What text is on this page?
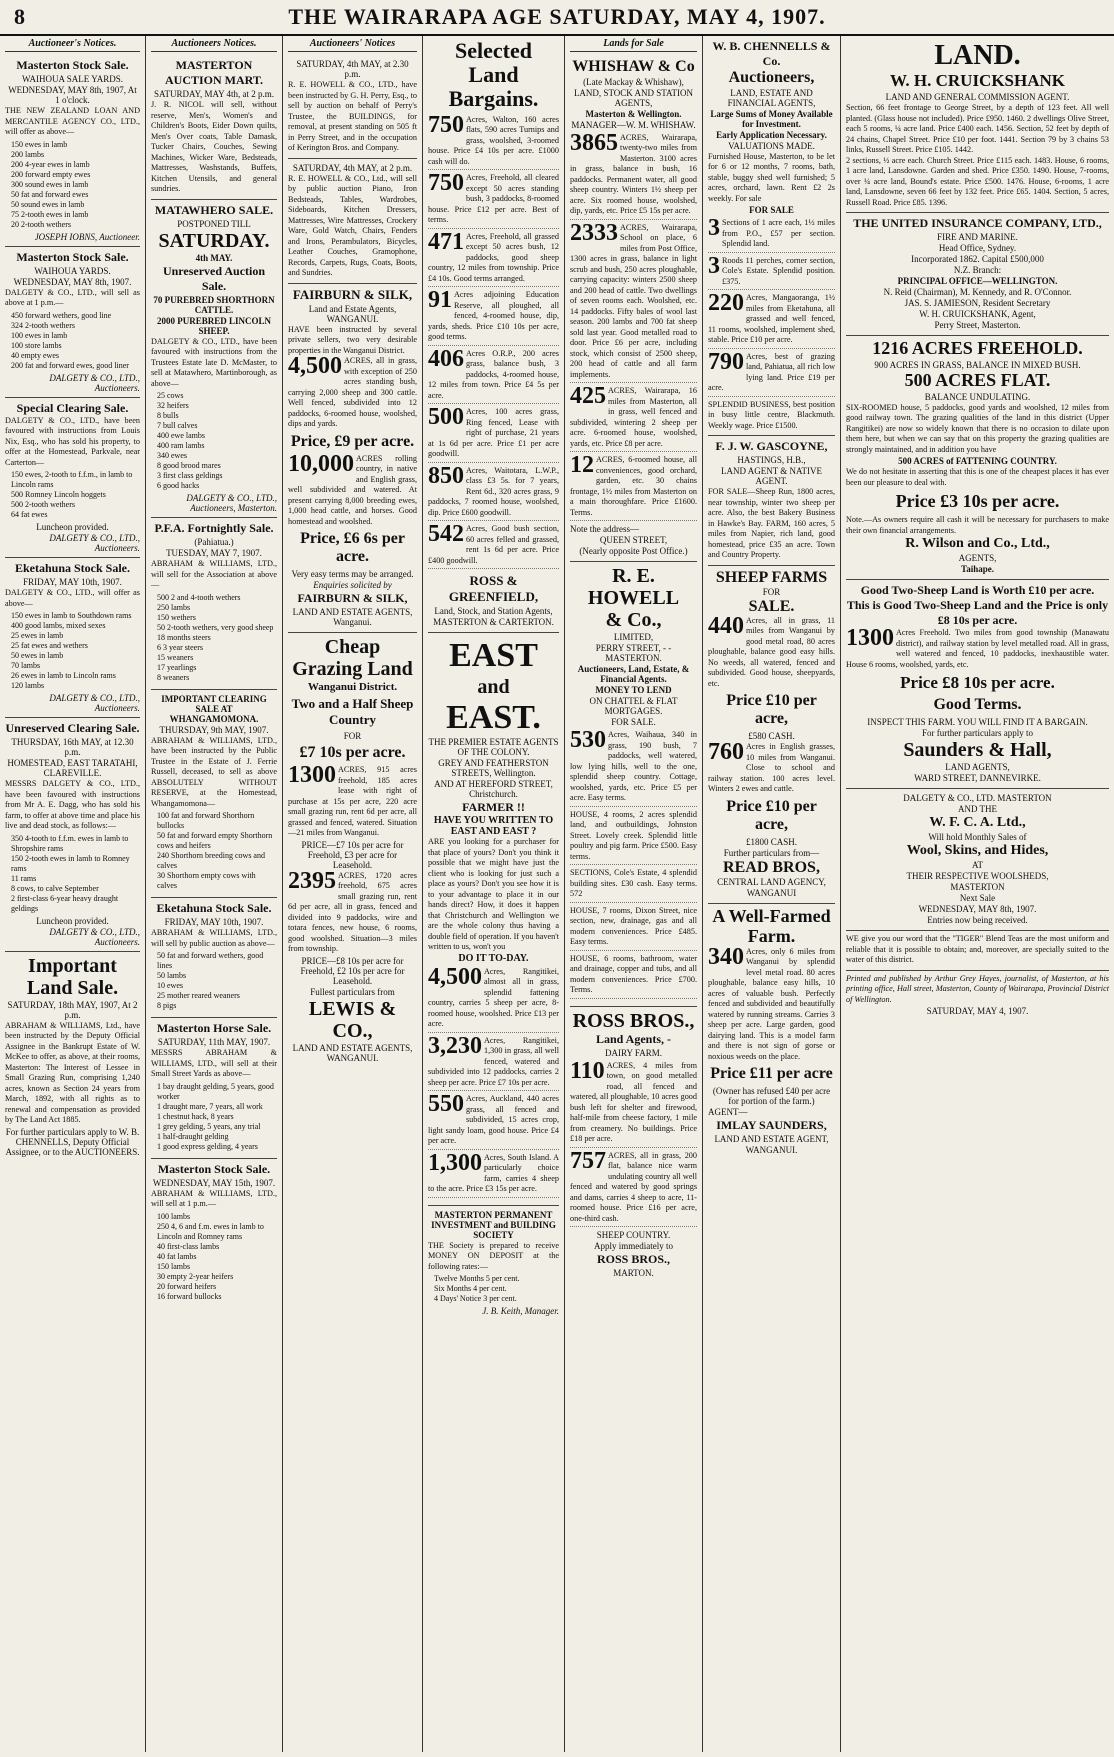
8	THE WAIRARAPA AGE SATURDAY, MAY 4, 1907.
Auctioneer's Notices.
Masterton Stock Sale.
WAIHOUA SALE YARDS.
WEDNESDAY, MAY 8th, 1907, At 1 o'clock.
THE NEW ZEALAND LOAN AND MERCANTILE AGENCY CO., LTD., will offer as above—
150 ewes in lamb
200 lambs
200 4-year ewes in lamb
200 forward empty ewes
300 sound ewes in lamb
50 fat and forward ewes
50 sound ewes in lamb
75 2-tooth ewes in lamb
20 2-tooth wethers
JOSEPH IOBNS, Auctioneer.
Masterton Stock Sale.
WAIHOUA YARDS.
WEDNESDAY, MAY 8th, 1907.
DALGETY & CO., LTD., will sell as above at 1 p.m.—
450 forward wethers, good line
324 2-tooth wethers
100 ewes in lamb
100 store lambs
40 empty ewes
200 fat and forward ewes, good liner
DALGETY & CO., LTD., Auctioneers.
Special Clearing Sale.
DALGETY & CO., LTD., have been favoured with instructions from Louis Nix, Esq., who has sold his property, to offer at the Homestead, Parkvale, near Carterton—
150 ewes, 2-tooth to f.f.m., in lamb to Lincoln rams
500 Romney Lincoln hoggets
500 2-tooth wethers
64 fat ewes
Luncheon provided.
DALGETY & CO., LTD., Auctioneers.
Eketahuna Stock Sale.
FRIDAY, MAY 10th, 1907.
DALGETY & CO., LTD., will offer as above—
150 ewes in lamb to Southdown rams
400 good lambs, mixed sexes
25 ewes in lamb
25 fat ewes and wethers
50 ewes in lamb
70 lambs
26 ewes in lamb to Lincoln rams
120 lambs
DALGETY & CO., LTD., Auctioneers.
Unreserved Clearing Sale.
THURSDAY, 16th MAY, at 12.30 p.m.
HOMESTEAD, EAST TARATAHI, CLAREVILLE.
MESSRS DALGETY & CO., LTD., have been favoured with instructions from Mr A. E. Dagg, who has sold his farm, to offer at above time and place his live and dead stock, as follows:—
350 4-tooth to f.f.m. ewes in lamb to Shropshire rams
150 2-tooth ewes in lamb to Romney rams
11 rams
8 cows, to calve September
2 first-class 6-year heavy draught geldings
Luncheon provided.
DALGETY & CO., LTD., Auctioneers.
Important Land Sale.
SATURDAY, 18th MAY, 1907, At 2 p.m.
ABRAHAM & WILLIAMS, Ltd., have been instructed by the Deputy Official Assignee in the Bankrupt Estate of W. McKee to offer, as above, at their rooms, Masterton: The Interest of Lessee in Small Grazing Run, comprising 1,240 acres, known as Section 24 years from March, 1892, with all rights as to renewal and compensation as provided by The Land Act 1885.
For further particulars apply to W. B. CHENNELLS, Deputy Official Assignee, or to the AUCTIONEERS.
Auctioneers Notices.
MASTERTON AUCTION MART.
SATURDAY, MAY 4th, at 2 p.m.
J. R. NICOL will sell, without reserve, Men's, Women's and Children's Boots, Eider Down quilts, Men's Over coats, Table Damask, Tucker Chairs, Couches, Sewing Machines, Wicker Ware, Bedsteads, Mattresses, Washstands, Buffets, Kitchen Utensils, and general sundries.
MATAWHERO SALE.
POSTPONED TILL
SATURDAY.
4th MAY.
Unreserved Auction Sale.
70 PUREBRED SHORTHORN CATTLE.
2000 PUREBRED LINCOLN SHEEP.
DALGETY & CO., LTD., have been favoured with instructions from the Trustees Estate late D. McMaster, to sell at Matawhero, Martinborough, as above—
25 cows
32 heifers
8 bulls
7 bull calves
400 ewe lambs
400 ram lambs
340 ewes
8 good brood mares
3 first class geldings
6 good hacks
DALGETY & CO., LTD., Auctioneers, Masterton.
P.F.A. Fortnightly Sale.
(Pahiatua.)
TUESDAY, MAY 7, 1907.
ABRAHAM & WILLIAMS, LTD., will sell for the Association at above—
500 2 and 4-tooth wethers
250 lambs
150 wethers
50 2-tooth wethers, very good sheep
18 months steers
6 3 year steers
15 weaners
17 yearlings
8 weaners
IMPORTANT CLEARING SALE AT WHANGAMOMONA.
THURSDAY, 9th MAY, 1907.
ABRAHAM & WILLIAMS, LTD., have been instructed by the Public Trustee in the Estate of J. Ferrie Russell, deceased, to sell as above ABSOLUTELY WITHOUT RESERVE, at the Homestead, Whangamomona—
100 fat and forward Shorthorn bullocks
50 fat and forward empty Shorthorn cows and heifers
240 Shorthorn breeding cows and calves
30 Shorthorn empty cows with calves
Eketahuna Stock Sale.
FRIDAY, MAY 10th, 1907.
ABRAHAM & WILLIAMS, LTD., will sell by public auction as above—
50 fat and forward wethers, good lines
50 lambs
10 ewes
25 mother reared weaners
8 pigs
Masterton Horse Sale.
SATURDAY, 11th MAY, 1907.
MESSRS ABRAHAM & WILLIAMS, LTD., will sell at their Small Street Yards as above—
1 bay draught gelding, 5 years, good worker
1 draught mare, 7 years, all work
1 chestnut hack, 8 years
1 grey gelding, 5 years, any trial
1 half-draught gelding
1 good express gelding, 4 years
Masterton Stock Sale.
WEDNESDAY, MAY 15th, 1907.
ABRAHAM & WILLIAMS, LTD., will sell at 1 p.m.—
100 lambs
250 4, 6 and f.m. ewes in lamb to Lincoln and Romney rams
40 first-class lambs
40 fat lambs
150 lambs
30 empty 2-year heifers
20 forward heifers
16 forward bullocks
Auctioneers' Notices
SATURDAY, 4th MAY, at 2.30 p.m.
R. E. HOWELL & CO., LTD., have been instructed by G. H. Perry, Esq., to sell by auction on behalf of Perry's Trustee, the BUILDINGS, for removal, at present standing on 505 ft in Perry Street, and in the occupation of Kerington Bros. and Company.
SATURDAY, 4th MAY, at 2 p.m.
R. E. HOWELL & CO., Ltd., will sell by public auction Piano, Iron Bedsteads, Tables, Wardrobes, Sideboards, Kitchen Dressers, Mattresses, Wire Mattresses, Crockery Ware, Gold Watch, Chairs, Fenders and Irons, Perambulators, Bicycles, Leather Couches, Gramophone, Records, Carpets, Rugs, Coats, Boots, and Sundries.
FAIRBURN & SILK,
Land and Estate Agents, WANGANUI.
HAVE been instructed by several private sellers, two very desirable properties in the Wanganui District.
4,500 ACRES, all in grass, with exception of 250 acres standing bush, carrying 2,000 sheep and 300 cattle. Well fenced, subdivided into 12 paddocks, 6-roomed house, woolshed, dips and yards.
Price, £9 per acre.
10,000 ACRES rolling country, in native and English grass, well subdivided and watered. At present carrying 8,000 breeding ewes, 1,000 head cattle, and horses. Good homestead and woolshed.
Price, £6 6s per acre.
Very easy terms may be arranged.
Enquiries solicited by
FAIRBURN & SILK,
LAND AND ESTATE AGENTS, Wanganui.
Cheap
Grazing Land
Wanganui District.
Two and a Half Sheep Country
FOR
£7 10s per acre.
1300 ACRES, 915 acres freehold, 185 acres lease with right of purchase at 15s per acre, 220 acre small grazing run, rent 6d per acre, all grassed and fenced, watered. Situation—21 miles from Wanganui.
PRICE—£7 10s per acre for Freehold, £3 per acre for Leasehold.
2395 ACRES, 1720 acres freehold, 675 acres small grazing run, rent 6d per acre, all in grass, fenced and divided into 9 paddocks, wire and totara fences, new house, 6 rooms, good woolshed. Situation—3 miles from township.
PRICE—£8 10s per acre for Freehold, £2 10s per acre for Leasehold.
Fullest particulars from
LEWIS & CO.,
LAND AND ESTATE AGENTS, WANGANUI.
Selected Land
Bargains.
750 Acres, Walton, 160 acres flats, 590 acres Turnips and grass, woolshed, 3-roomed house. Price £4 10s per acre. £1000 cash will do.
750 Acres, Freehold, all cleared except 50 acres standing bush, 3 paddocks, 8-roomed house. Price £12 per acre. Best of terms.
471 Acres, Freehold, all grassed except 50 acres bush, 12 paddocks, good sheep country, 12 miles from township. Price £4 10s. Good terms arranged.
91 Acres adjoining Education Reserve, all ploughed, all fenced, 4-roomed house, dip, yards, sheds. Price £10 10s per acre, good terms.
406 Acres O.R.P., 200 acres grass, balance bush, 3 paddocks, 4-roomed house, 12 miles from town. Price £4 5s per acre.
500 Acres, 100 acres grass, Ring fenced, Lease with right of purchase, 21 years at 1s 6d per acre. Price £1 per acre goodwill.
850 Acres, Waitotara, L.W.P., class £3 5s. for 7 years, Rent 6d., 320 acres grass, 9 paddocks, 7 roomed house, woolshed, dip. Price £600 goodwill.
542 Acres, Good bush section, 60 acres felled and grassed, rent 1s 6d per acre. Price £400 goodwill.
ROSS & GREENFIELD,
Land, Stock, and Station Agents,
MASTERTON & CARTERTON.
EAST
and
EAST.
THE PREMIER ESTATE AGENTS OF THE COLONY.
GREY AND FEATHERSTON STREETS, Wellington.
AND AT HEREFORD STREET, Christchurch.
FARMER !!
HAVE YOU WRITTEN TO EAST AND EAST ?
ARE you looking for a purchaser for that place of yours? Don't you think it possible that we might have just the client who is looking for just such a place as yours? Don't you see how it is to your advantage to place it in our hands direct? How, it does it happen that Christchurch and Wellington we are the whole colony thus having a double field of operation. If you haven't written to us, won't you
DO IT TO-DAY.
4,500 Acres, Rangitikei, almost all in grass, splendid fattening country, carries 5 sheep per acre, 8-roomed house, woolshed. Price £13 per acre.
3,230 Acres, Rangitikei, 1,300 in grass, all well fenced, watered and subdivided into 12 paddocks, carries 2 sheep per acre. Price £7 10s per acre.
550 Acres, Auckland, 440 acres grass, all fenced and subdivided, 15 acres crop, light sandy loam, good house. Price £4 per acre.
1,300 Acres, South Island. A particularly choice farm, carries 4 sheep to the acre. Price £3 15s per acre.
MASTERTON PERMANENT INVESTMENT and BUILDING SOCIETY
THE Society is prepared to receive MONEY ON DEPOSIT at the following rates:—
Twelve Months 5 per cent.
Six Months 4 per cent.
4 Days' Notice 3 per cent.
J. B. Keith, Manager.
Lands for Sale
WHISHAW & Co
(Late Mackay & Whishaw),
LAND, STOCK AND STATION AGENTS,
Masterton & Wellington.
MANAGER—W. M. WHISHAW.
3865 ACRES, Wairarapa, twenty-two miles from Masterton. 3100 acres in grass, balance in bush, 16 paddocks. Permanent water, all good sheep country. Winters 1½ sheep per acre. Six roomed house, woolshed, dip, yards, etc. Price £5 15s per acre.
2333 ACRES, Wairarapa, School on place, 6 miles from Post Office, 1300 acres in grass, balance in light scrub and bush, 250 acres ploughable, carrying capacity: winters 2500 sheep and 200 head of cattle. Two dwellings of seven rooms each. Woolshed, etc. 14 paddocks. Fifty bales of wool last season. 200 lambs and 700 fat sheep sold last year. Good metalled road to door. Price £6 per acre, including stock, which consist of 2500 sheep, 200 head of cattle and all farm implements.
425 ACRES, Wairarapa, 16 miles from Masterton, all in grass, well fenced and subdivided, wintering 2 sheep per acre. 6-roomed house, woolshed, yards, etc. Price £8 per acre.
12 ACRES, 6-roomed house, all conveniences, good orchard, garden, etc. 30 chains frontage, 1½ miles from Masterton on a main thoroughfare. Price £1600. Terms.
Note the address—
QUEEN STREET,
(Nearly opposite Post Office.)
R. E. HOWELL
& Co.,
LIMITED,
PERRY STREET, - - MASTERTON.
Auctioneers, Land, Estate, & Financial Agents.
MONEY TO LEND
ON CHATTEL & FLAT MORTGAGES.
FOR SALE.
530 Acres, Waihaua, 340 in grass, 190 bush, 7 paddocks, well watered, low lying hills, well to the one, splendid sheep country. Cottage, woolshed, yards, etc. Price £5 per acre. Easy terms.
HOUSE, 4 rooms, 2 acres splendid land, and outbuildings, Johnston Street. Lovely creek. Splendid little poultry and pig farm. Price £500. Easy terms.
SECTIONS, Cole's Estate, 4 splendid building sites. £30 cash. Easy terms. 572
HOUSE, 7 rooms, Dixon Street, nice section, new, drainage, gas and all modern conveniences. Price £485. Easy terms.
HOUSE, 6 rooms, bathroom, water and drainage, copper and tubs, and all modern conveniences. Price £700. Terms.
ROSS BROS.,
Land Agents, -
DAIRY FARM.
110 ACRES, 4 miles from town, on good metalled road, all fenced and watered, all ploughable, 10 acres good bush left for shelter and firewood, half-mile from cheese factory, 1 mile from creamery. No buildings. Price £18 per acre.
757 ACRES, all in grass, 200 flat, balance nice warm undulating country all well fenced and watered by good springs and dams, carries 4 sheep to acre, 11-roomed house. Price £16 per acre, one-third cash.
SHEEP COUNTRY.
Apply immediately to
ROSS BROS.,
MARTON.
W. B. CHENNELLS & Co.
Auctioneers,
LAND, ESTATE AND FINANCIAL AGENTS,
Large Sums of Money Available for Investment.
Early Application Necessary.
VALUATIONS MADE.
Furnished House, Masterton, to be let for 6 or 12 months, 7 rooms, bath, stable, buggy shed well furnished; 5 acres, orchard, lawn. Rent £2 2s weekly. For sale
FOR SALE
3 Sections of 1 acre each, 1½ miles from P.O., £57 per section. Splendid land.
3 Roods 11 perches, corner section, Cole's Estate. Splendid position. £375.
220 Acres, Mangaoranga, 1½ miles from Eketahuna, all grassed and well fenced, 11 rooms, woolshed, implement shed, stable. Price £10 per acre.
790 Acres, best of grazing land, Pahiatua, all rich low lying land. Price £19 per acre.
SPLENDID BUSINESS, best position in busy little centre, Blackmuth. Weekly wage. Price £1500.
F. J. W. GASCOYNE,
HASTINGS, H.B.,
LAND AGENT & NATIVE AGENT.
FOR SALE—Sheep Run, 1800 acres, near township, winter two sheep per acre. Also, the best Bakery Business in Hawke's Bay. FARM, 160 acres, 5 miles from Napier, rich land, good homestead, price £35 an acre. Town and Country Property.
SHEEP FARMS
FOR
SALE.
440 Acres, all in grass, 11 miles from Wanganui by good metal road, 80 acres ploughable, balance good easy hills. No weeds, all watered, fenced and subdivided. Good house, sheepyards, etc.
Price £10 per acre,
£580 CASH.
760 Acres in English grasses, 10 miles from Wanganui. Close to school and railway station. 100 acres level. Winters 2 ewes and cattle.
Price £10 per acre,
£1800 CASH.
Further particulars from—
READ BROS,
CENTRAL LAND AGENCY,
WANGANUI
A Well-Farmed
Farm.
340 Acres, only 6 miles from Wanganui by splendid level metal road. 80 acres ploughable, balance easy hills, 10 acres of valuable bush. Perfectly fenced and subdivided and beautifully watered by running streams. Carries 3 sheep per acre. Large garden, good dairying land. This is a model farm and there is not sign of gorse or noxious weeds on the place.
Price £11 per acre
(Owner has refused £40 per acre for portion of the farm.)
AGENT—
IMLAY SAUNDERS,
LAND AND ESTATE AGENT,
WANGANUI.
LAND.
W. H. CRUICKSHANK
LAND AND GENERAL COMMISSION AGENT.
Section, 66 feet frontage to George Street, by a depth of 123 feet. All well planted. (Glass house not included). Price £950. 1460. 2 dwellings Olive Street, each 5 rooms, ¼ acre land. Price £400 each. 1456. Section, 52 feet by depth of 24 chains, Chapel Street. Price £10 per foot. 1441. Section 79 by 3 chains 53 links, Russell Street. Price £105. 1442.
2 sections, ½ acre each. Church Street. Price £115 each. 1483. House, 6 rooms, 1 acre land, Lansdowne. Garden and shed. Price £350. 1490. House, 7-rooms, over ¼ acre land, Bound's estate. Price £500. 1476. House, 6-rooms, 1 acre land, Lansdowne, seven 66 feet by 132 feet. Price £65. 1404. Section, 5 acres, Russell Road. Price £85. 1396.
THE UNITED INSURANCE COMPANY, LTD.,
FIRE AND MARINE.
Head Office, Sydney.
Incorporated 1862. Capital £500,000
N.Z. Branch:
PRINCIPAL OFFICE—WELLINGTON.
N. Reid (Chairman), M. Kennedy, and R. O'Connor.
JAS. S. JAMIESON, Resident Secretary
W. H. CRUICKSHANK, Agent,
Perry Street, Masterton.
1216 ACRES FREEHOLD.
900 ACRES IN GRASS, BALANCE IN MIXED BUSH.
500 ACRES FLAT.
BALANCE UNDULATING.
SIX-ROOMED house, 5 paddocks, good yards and woolshed, 12 miles from good railway town. The grazing qualities of the land in this district (Upper Rangitikei) are now so widely known that there is no occasion to dilate upon them here, but when we can say that on this property the grazing qualities are strongly maintained, and in addition you have
500 ACRES of FATTENING COUNTRY.
We do not hesitate in asserting that this is one of the cheapest places it has ever been our pleasure to deal with.
Price £3 10s per acre.
Note.—As owners require all cash it will be necessary for purchasers to make their own financial arrangements.
R. Wilson and Co., Ltd.,
AGENTS,
Taihape.
Good Two-Sheep Land is Worth £10 per acre.
This is Good Two-Sheep Land and the Price is only £8 10s per acre.
1300 Acres Freehold. Two miles from good township (Manawatu district), and railway station by level metalled road. All in grass, well watered and fenced, 10 paddocks, inexhaustible water. House 6 rooms, woolshed, yards, etc.
Price £8 10s per acre.
Good Terms.
INSPECT THIS FARM. YOU WILL FIND IT A BARGAIN.
For further particulars apply to
Saunders & Hall,
LAND AGENTS,
WARD STREET, DANNEVIRKE.
DALGETY & CO., LTD. MASTERTON
AND THE
W. F. C. A. Ltd.,
Will hold Monthly Sales of
Wool, Skins, and Hides,
AT
THEIR RESPECTIVE WOOLSHEDS,
MASTERTON
Next Sale
WEDNESDAY, MAY 8th, 1907.
Entries now being received.
WE give you our word that the "TIGER" Blend Teas are the most uniform and reliable that it is possible to obtain; and, moreover, are specially suited to the water of this district.
Printed and published by Arthur Grey Hayes, journalist, of Masterton, at his printing office, Hall street, Masterton, County of Wairarapa, Provincial District of Wellington.
SATURDAY, MAY 4, 1907.
